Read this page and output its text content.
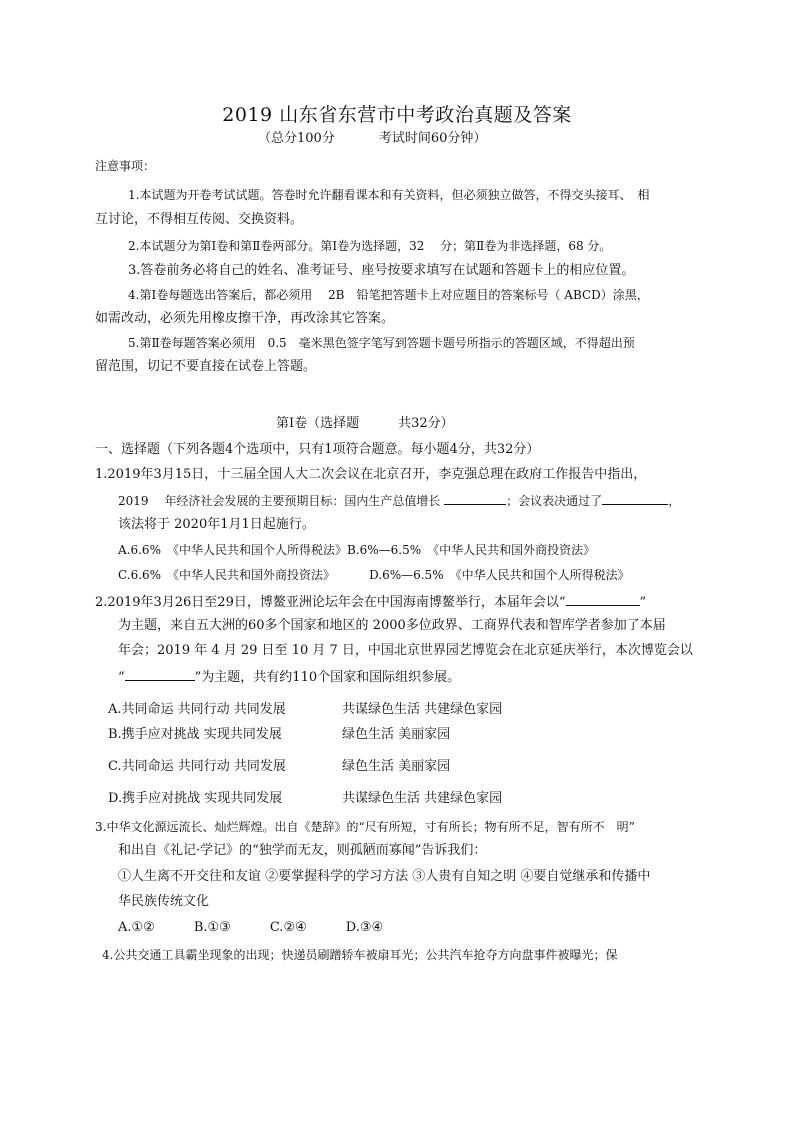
2019 山东省东营市中考政治真题及答案
（总分100分	考试时间60分钟）
注意事项：
1.本试题为开卷考试试题。答卷时允许翻看课本和有关资料，但必须独立做答，不得交头接耳、　相
互讨论，不得相互传阅、交换资料。
2.本试题分为第Ⅰ卷和第Ⅱ卷两部分。第Ⅰ卷为选择题，32　 分；第Ⅱ卷为非选择题，68 分。
3.答卷前务必将自己的姓名、准考证号、座号按要求填写在试题和答题卡上的相应位置。
4.第Ⅰ卷每题选出答案后，都必须用　 2B　铅笔把答题卡上对应题目的答案标号（ ABCD）涂黑，
如需改动，必须先用橡皮擦干净，再改涂其它答案。
5.第Ⅱ卷每题答案必须用　0.5　毫米黑色签字笔写到答题卡题号所指示的答题区域，不得超出预
留范围，切记不要直接在试卷上答题。
第Ⅰ卷（选择题　　　共32分）
一、选择题（下列各题4个选项中，只有1项符合题意。每小题4分，共32分）
1.2019年3月15日，十三届全国人大二次会议在北京召开，李克强总理在政府工作报告中指出，
2019　 年经济社会发展的主要预期目标：国内生产总值增长	；会议表决通过了	，
该法将于 2020年1月1日起施行。
A.6.6%　《中华人民共和国个人所得税法》B.6%—6.5%　《中华人民共和国外商投资法》
C.6.6%　《中华人民共和国外商投资法》	D.6%—6.5%　《中华人民共和国个人所得税法》
2.2019年3月26日至29日，博鳌亚洲论坛年会在中国海南博鳌举行，本届年会以“	”
为主题，来自五大洲的60多个国家和地区的 2000多位政界、工商界代表和智库学者参加了本届
年会；2019 年 4 月 29 日至 10 月 7 日，中国北京世界园艺博览会在北京延庆举行，本次博览会以
“	”为主题，共有约110个国家和国际组织参展。
A.共同命运 共同行动 共同发展	共谋绿色生活 共建绿色家园
B.携手应对挑战 实现共同发展	绿色生活 美丽家园
C.共同命运 共同行动 共同发展	绿色生活 美丽家园
D.携手应对挑战 实现共同发展	共谋绿色生活 共建绿色家园
3.中华文化源远流长、灿烂辉煌。出自《楚辞》的“尺有所短，寸有所长；物有所不足，智有所不　明”
和出自《礼记·学记》的“独学而无友，则孤陋而寡闻”告诉我们：
①人生离不开交往和友谊 ②要掌握科学的学习方法 ③人贵有自知之明 ④要自觉继承和传播中
华民族传统文化
A.①②　　　B.①③　　　C.②④　　　D.③④
4.公共交通工具霸坐现象的出现；快递员刷蹭轿车被扇耳光；公共汽车抢夺方向盘事件被曝光；保
